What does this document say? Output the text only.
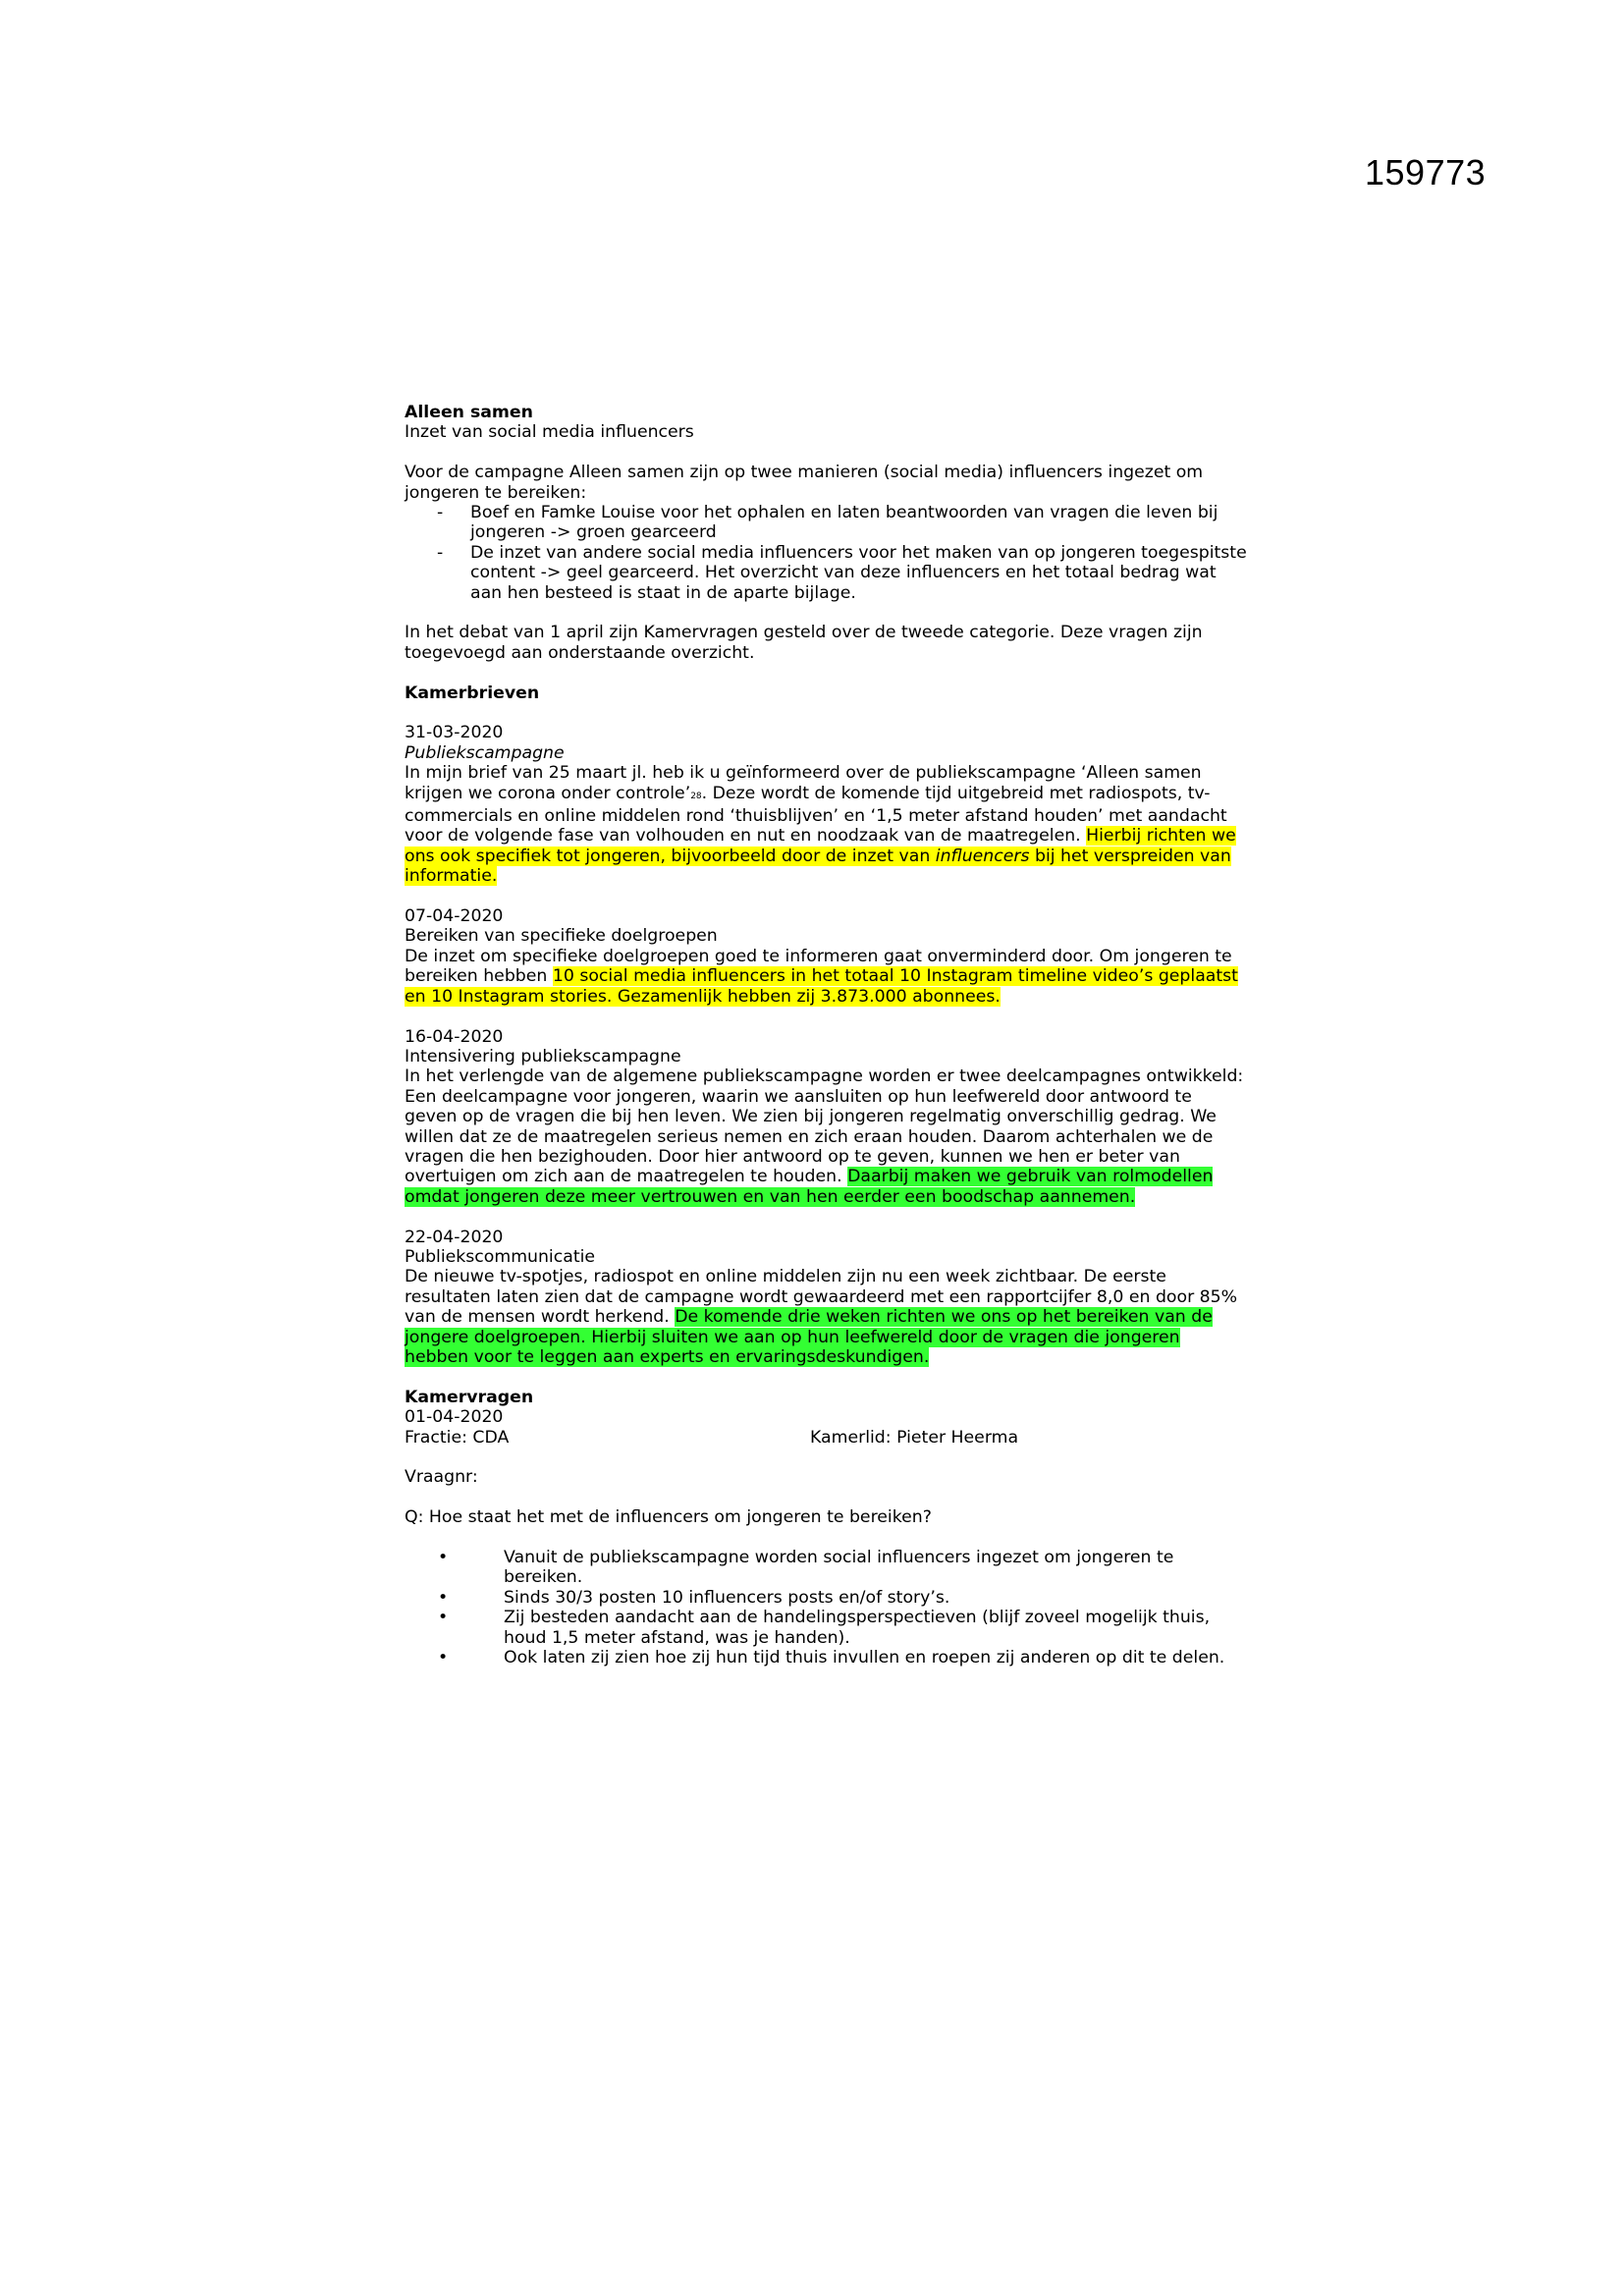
159773

Alleen samen

Inzet van social media influencers

Voor de campagne Alleen samen zijn op twee manieren (social media) influencers ingezet om jongeren te bereiken:

- Boef en Famke Louise voor het ophalen en laten beantwoorden van vragen die leven bij jongeren -> groen gearceerd
- De inzet van andere social media influencers voor het maken van op jongeren toegespitste content -> geel gearceerd. Het overzicht van deze influencers en het totaal bedrag wat aan hen besteed is staat in de aparte bijlage.

In het debat van 1 april zijn Kamervragen gesteld over de tweede categorie. Deze vragen zijn toegevoegd aan onderstaande overzicht.

Kamerbrieven

31-03-2020

Publiekscampagne

In mijn brief van 25 maart jl. heb ik u geïnformeerd over de publiekscampagne ‘Alleen samen krijgen we corona onder controle’28. Deze wordt de komende tijd uitgebreid met radiospots, tv-commercials en online middelen rond ‘thuisblijven’ en ‘1,5 meter afstand houden’ met aandacht voor de volgende fase van volhouden en nut en noodzaak van de maatregelen. Hierbij richten we ons ook specifiek tot jongeren, bijvoorbeeld door de inzet van influencers bij het verspreiden van informatie.

07-04-2020

Bereiken van specifieke doelgroepen

De inzet om specifieke doelgroepen goed te informeren gaat onverminderd door. Om jongeren te bereiken hebben 10 social media influencers in het totaal 10 Instagram timeline video’s geplaatst en 10 Instagram stories. Gezamenlijk hebben zij 3.873.000 abonnees.

16-04-2020

Intensivering publiekscampagne

In het verlengde van de algemene publiekscampagne worden er twee deelcampagnes ontwikkeld: Een deelcampagne voor jongeren, waarin we aansluiten op hun leefwereld door antwoord te geven op de vragen die bij hen leven. We zien bij jongeren regelmatig onverschillig gedrag. We willen dat ze de maatregelen serieus nemen en zich eraan houden. Daarom achterhalen we de vragen die hen bezighouden. Door hier antwoord op te geven, kunnen we hen er beter van overtuigen om zich aan de maatregelen te houden. Daarbij maken we gebruik van rolmodellen omdat jongeren deze meer vertrouwen en van hen eerder een boodschap aannemen.

22-04-2020

Publiekscommunicatie

De nieuwe tv-spotjes, radiospot en online middelen zijn nu een week zichtbaar. De eerste resultaten laten zien dat de campagne wordt gewaardeerd met een rapportcijfer 8,0 en door 85% van de mensen wordt herkend. De komende drie weken richten we ons op het bereiken van de jongere doelgroepen. Hierbij sluiten we aan op hun leefwereld door de vragen die jongeren hebben voor te leggen aan experts en ervaringsdeskundigen.

Kamervragen

01-04-2020

Fractie: CDA	Kamerlid: Pieter Heerma

Vraagnr:

Q: Hoe staat het met de influencers om jongeren te bereiken?

• Vanuit de publiekscampagne worden social influencers ingezet om jongeren te bereiken.
• Sinds 30/3 posten 10 influencers posts en/of story’s.
• Zij besteden aandacht aan de handelingsperspectieven (blijf zoveel mogelijk thuis, houd 1,5 meter afstand, was je handen).
• Ook laten zij zien hoe zij hun tijd thuis invullen en roepen zij anderen op dit te delen.
